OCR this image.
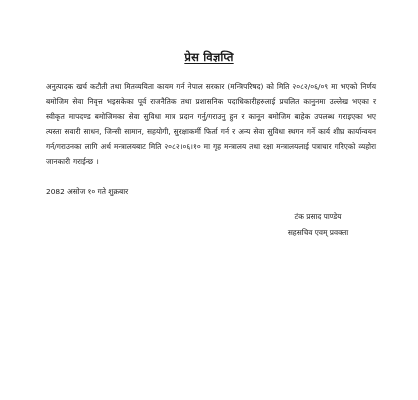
प्रेस विज्ञप्ति
अनुत्पादक खर्च कटौती तथा मितव्ययिता कायम गर्न नेपाल सरकार (मन्त्रिपरिषद) को मिति २०८२/०६/०९ मा भएको निर्णय बमोजिम सेवा निवृत्त भइसकेका पूर्व राजनैतिक तथा प्रशासनिक पदाधिकारीहरुलाई प्रचलित कानुनमा उल्लेख भएका र स्वीकृत मापदण्ड बमोजिमका सेवा सुविधा मात्र प्रदान गर्नु/गराउनु हुन र कानून बमोजिम बाहेक उपलब्ध गराइएका भए त्यस्ता सवारी साधन, जिन्सी सामान, सहयोगी, सुरक्षाकर्मी फिर्ता गर्न र अन्य सेवा सुविधा स्थगन गर्ने कार्य शीघ्र कार्यान्वयन गर्न/गराउनका लागि अर्थ मन्त्रालयबाट मिति २०८२।०६।१० मा गृह मन्त्रालय तथा रक्षा मन्त्रालयलाई पत्राचार गरिएको व्यहोरा जानकारी गराईन्छ ।
2082 असोज १० गते शुक्रबार
टंक प्रसाद पाण्डेय
सहसचिव एवम् प्रवक्ता
